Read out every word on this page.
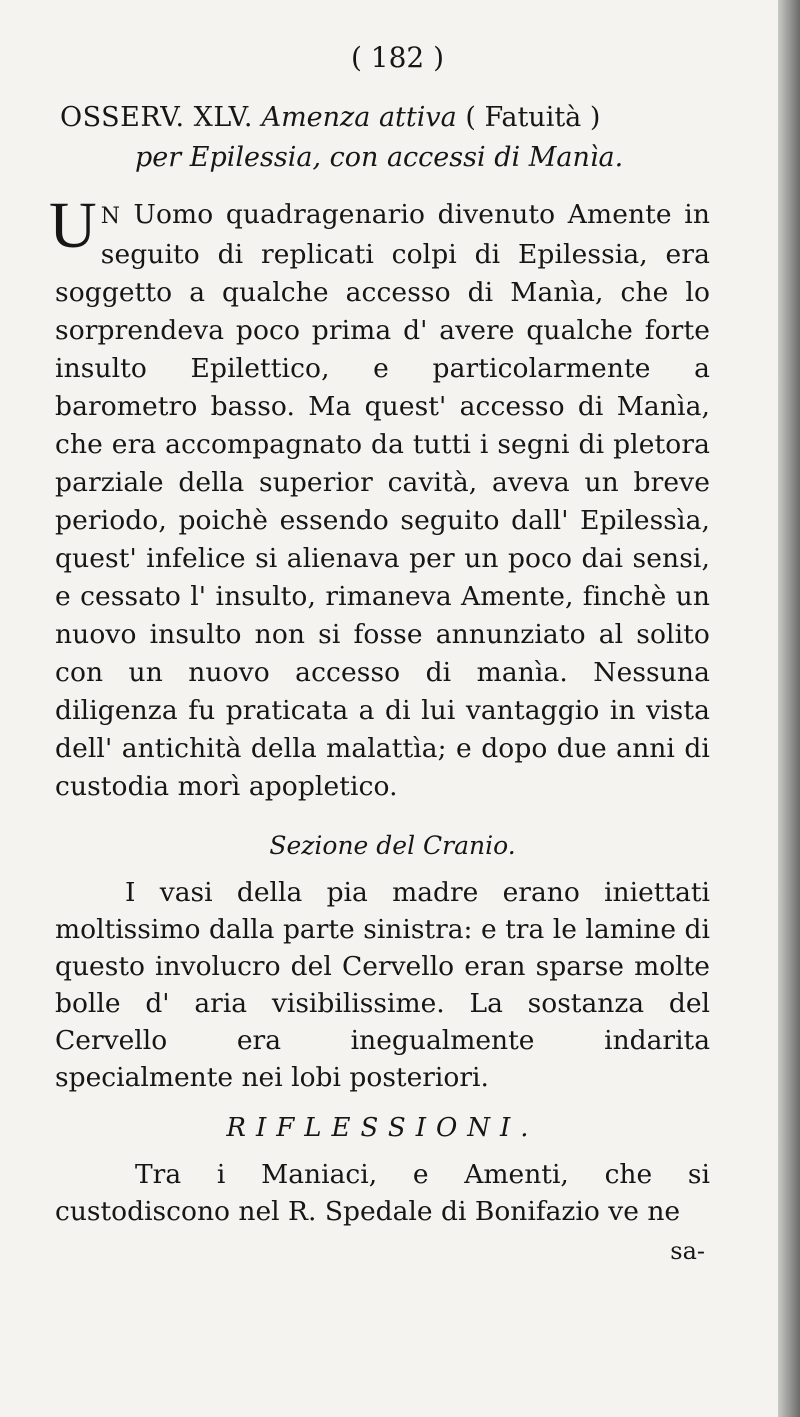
( 182 )
OSSERV. XLV. Amenza attiva ( Fatuità )
per Epilessia, con accessi di Manìa.
U N Uomo quadragenario divenuto Amente in seguito di replicati colpi di Epilessia, era soggetto a qualche accesso di Manìa, che lo sorprendeva poco prima d' avere qualche forte insulto Epilettico, e particolarmente a barometro basso. Ma quest' accesso di Manìa, che era accompagnato da tutti i segni di pletora parziale della superior cavità, aveva un breve periodo, poichè essendo seguito dall' Epilessìa, quest' infelice si alienava per un poco dai sensi, e cessato l' insulto, rimaneva Amente, finchè un nuovo insulto non si fosse annunziato al solito con un nuovo accesso di manìa. Nessuna diligenza fu praticata a di lui vantaggio in vista dell' antichità della malattìa; e dopo due anni di custodia morì apopletico.
Sezione del Cranio.
I vasi della pia madre erano iniettati moltissimo dalla parte sinistra: e tra le lamine di questo involucro del Cervello eran sparse molte bolle d' aria visibilissime. La sostanza del Cervello era inegualmente indarita specialmente nei lobi posteriori.
RIFLESSIONI.
Tra i Maniaci, e Amenti, che si custodiscono nel R. Spedale di Bonifazio ve ne
sa-
